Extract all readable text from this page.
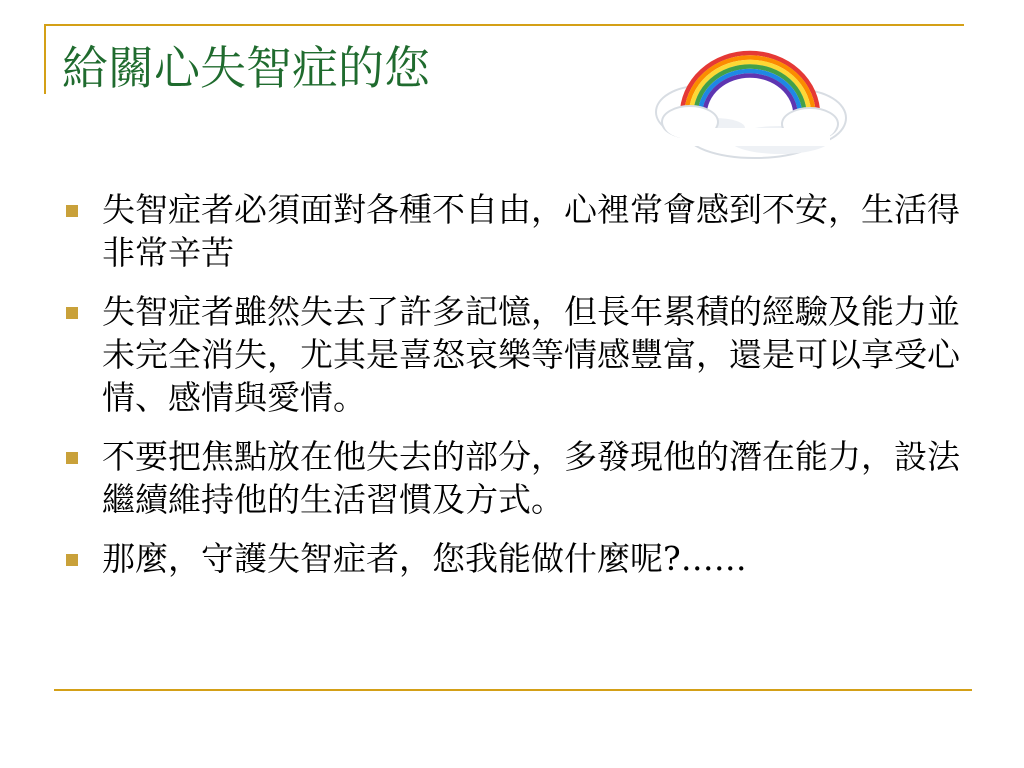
給關心失智症的您
失智症者必須面對各種不自由，心裡常會感到不安，生活得非常辛苦
失智症者雖然失去了許多記憶，但長年累積的經驗及能力並未完全消失，尤其是喜怒哀樂等情感豐富，還是可以享受心情、感情與愛情。
不要把焦點放在他失去的部分，多發現他的潛在能力，設法繼續維持他的生活習慣及方式。
那麼，守護失智症者，您我能做什麼呢?……
